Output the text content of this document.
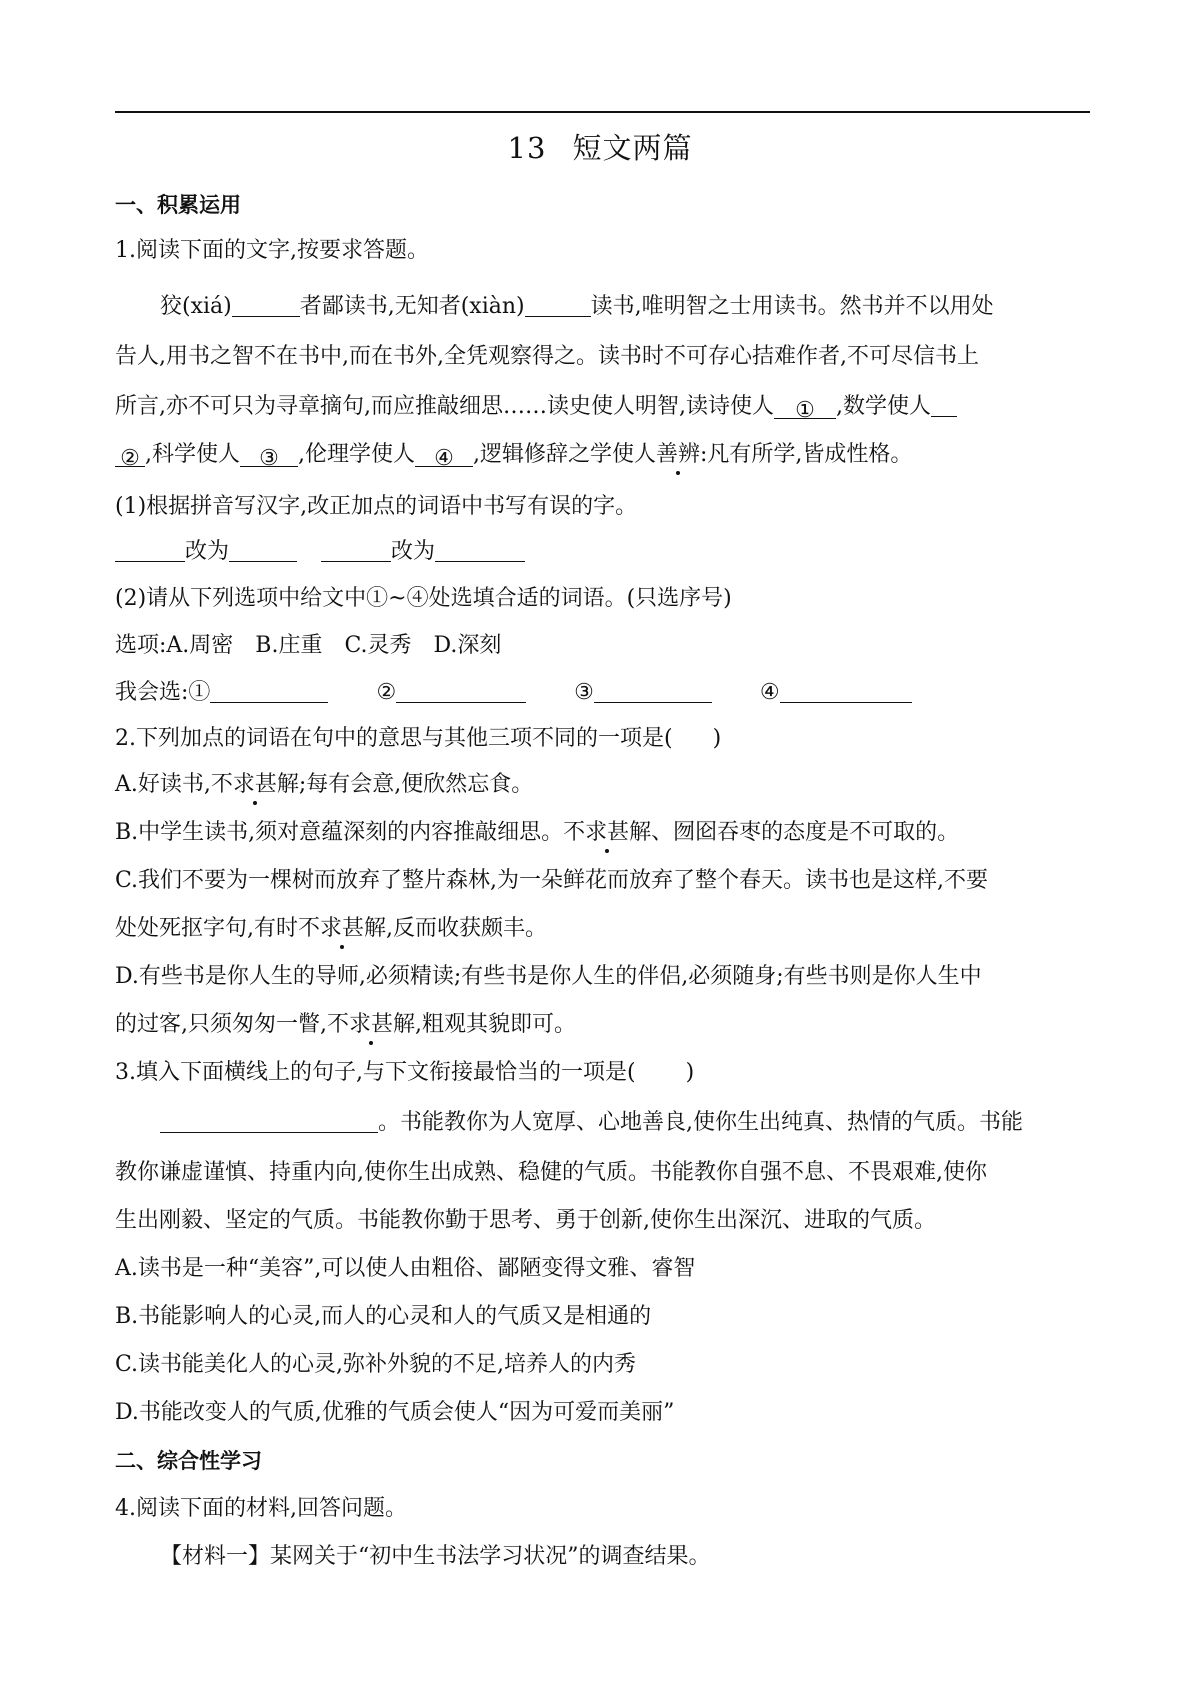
13 短文两篇
一、积累运用
1.阅读下面的文字,按要求答题。
狡(xiá)	者鄙读书,无知者(xiàn)	读书,唯明智之士用读书。然书并不以用处
告人,用书之智不在书中,而在书外,全凭观察得之。读书时不可存心拮难作者,不可尽信书上
所言,亦不可只为寻章摘句,而应推敲细思……读史使人明智,读诗使人 ① ,数学使人
② ,科学使人 ③ ,伦理学使人 ④ ,逻辑修辞之学使人善辨:凡有所学,皆成性格。
(1)根据拼音写汉字,改正加点的词语中书写有误的字。
改为	改为
(2)请从下列选项中给文中①~④处选填合适的词语。(只选序号)
选项:A.周密　B.庄重　C.灵秀　D.深刻
我会选:①	②	③	④
2.下列加点的词语在句中的意思与其他三项不同的一项是( )
A.好读书,不求甚解;每有会意,便欣然忘食。
B.中学生读书,须对意蕴深刻的内容推敲细思。不求甚解、囫囵吞枣的态度是不可取的。
C.我们不要为一棵树而放弃了整片森林,为一朵鲜花而放弃了整个春天。读书也是这样,不要
处处死抠字句,有时不求甚解,反而收获颇丰。
D.有些书是你人生的导师,必须精读;有些书是你人生的伴侣,必须随身;有些书则是你人生中
的过客,只须匆匆一瞥,不求甚解,粗观其貌即可。
3.填入下面横线上的句子,与下文衔接最恰当的一项是( )
。书能教你为人宽厚、心地善良,使你生出纯真、热情的气质。书能
教你谦虚谨慎、持重内向,使你生出成熟、稳健的气质。书能教你自强不息、不畏艰难,使你
生出刚毅、坚定的气质。书能教你勤于思考、勇于创新,使你生出深沉、进取的气质。
A.读书是一种“美容”,可以使人由粗俗、鄙陋变得文雅、睿智
B.书能影响人的心灵,而人的心灵和人的气质又是相通的
C.读书能美化人的心灵,弥补外貌的不足,培养人的内秀
D.书能改变人的气质,优雅的气质会使人“因为可爱而美丽”
二、综合性学习
4.阅读下面的材料,回答问题。
【材料一】某网关于“初中生书法学习状况”的调查结果。
